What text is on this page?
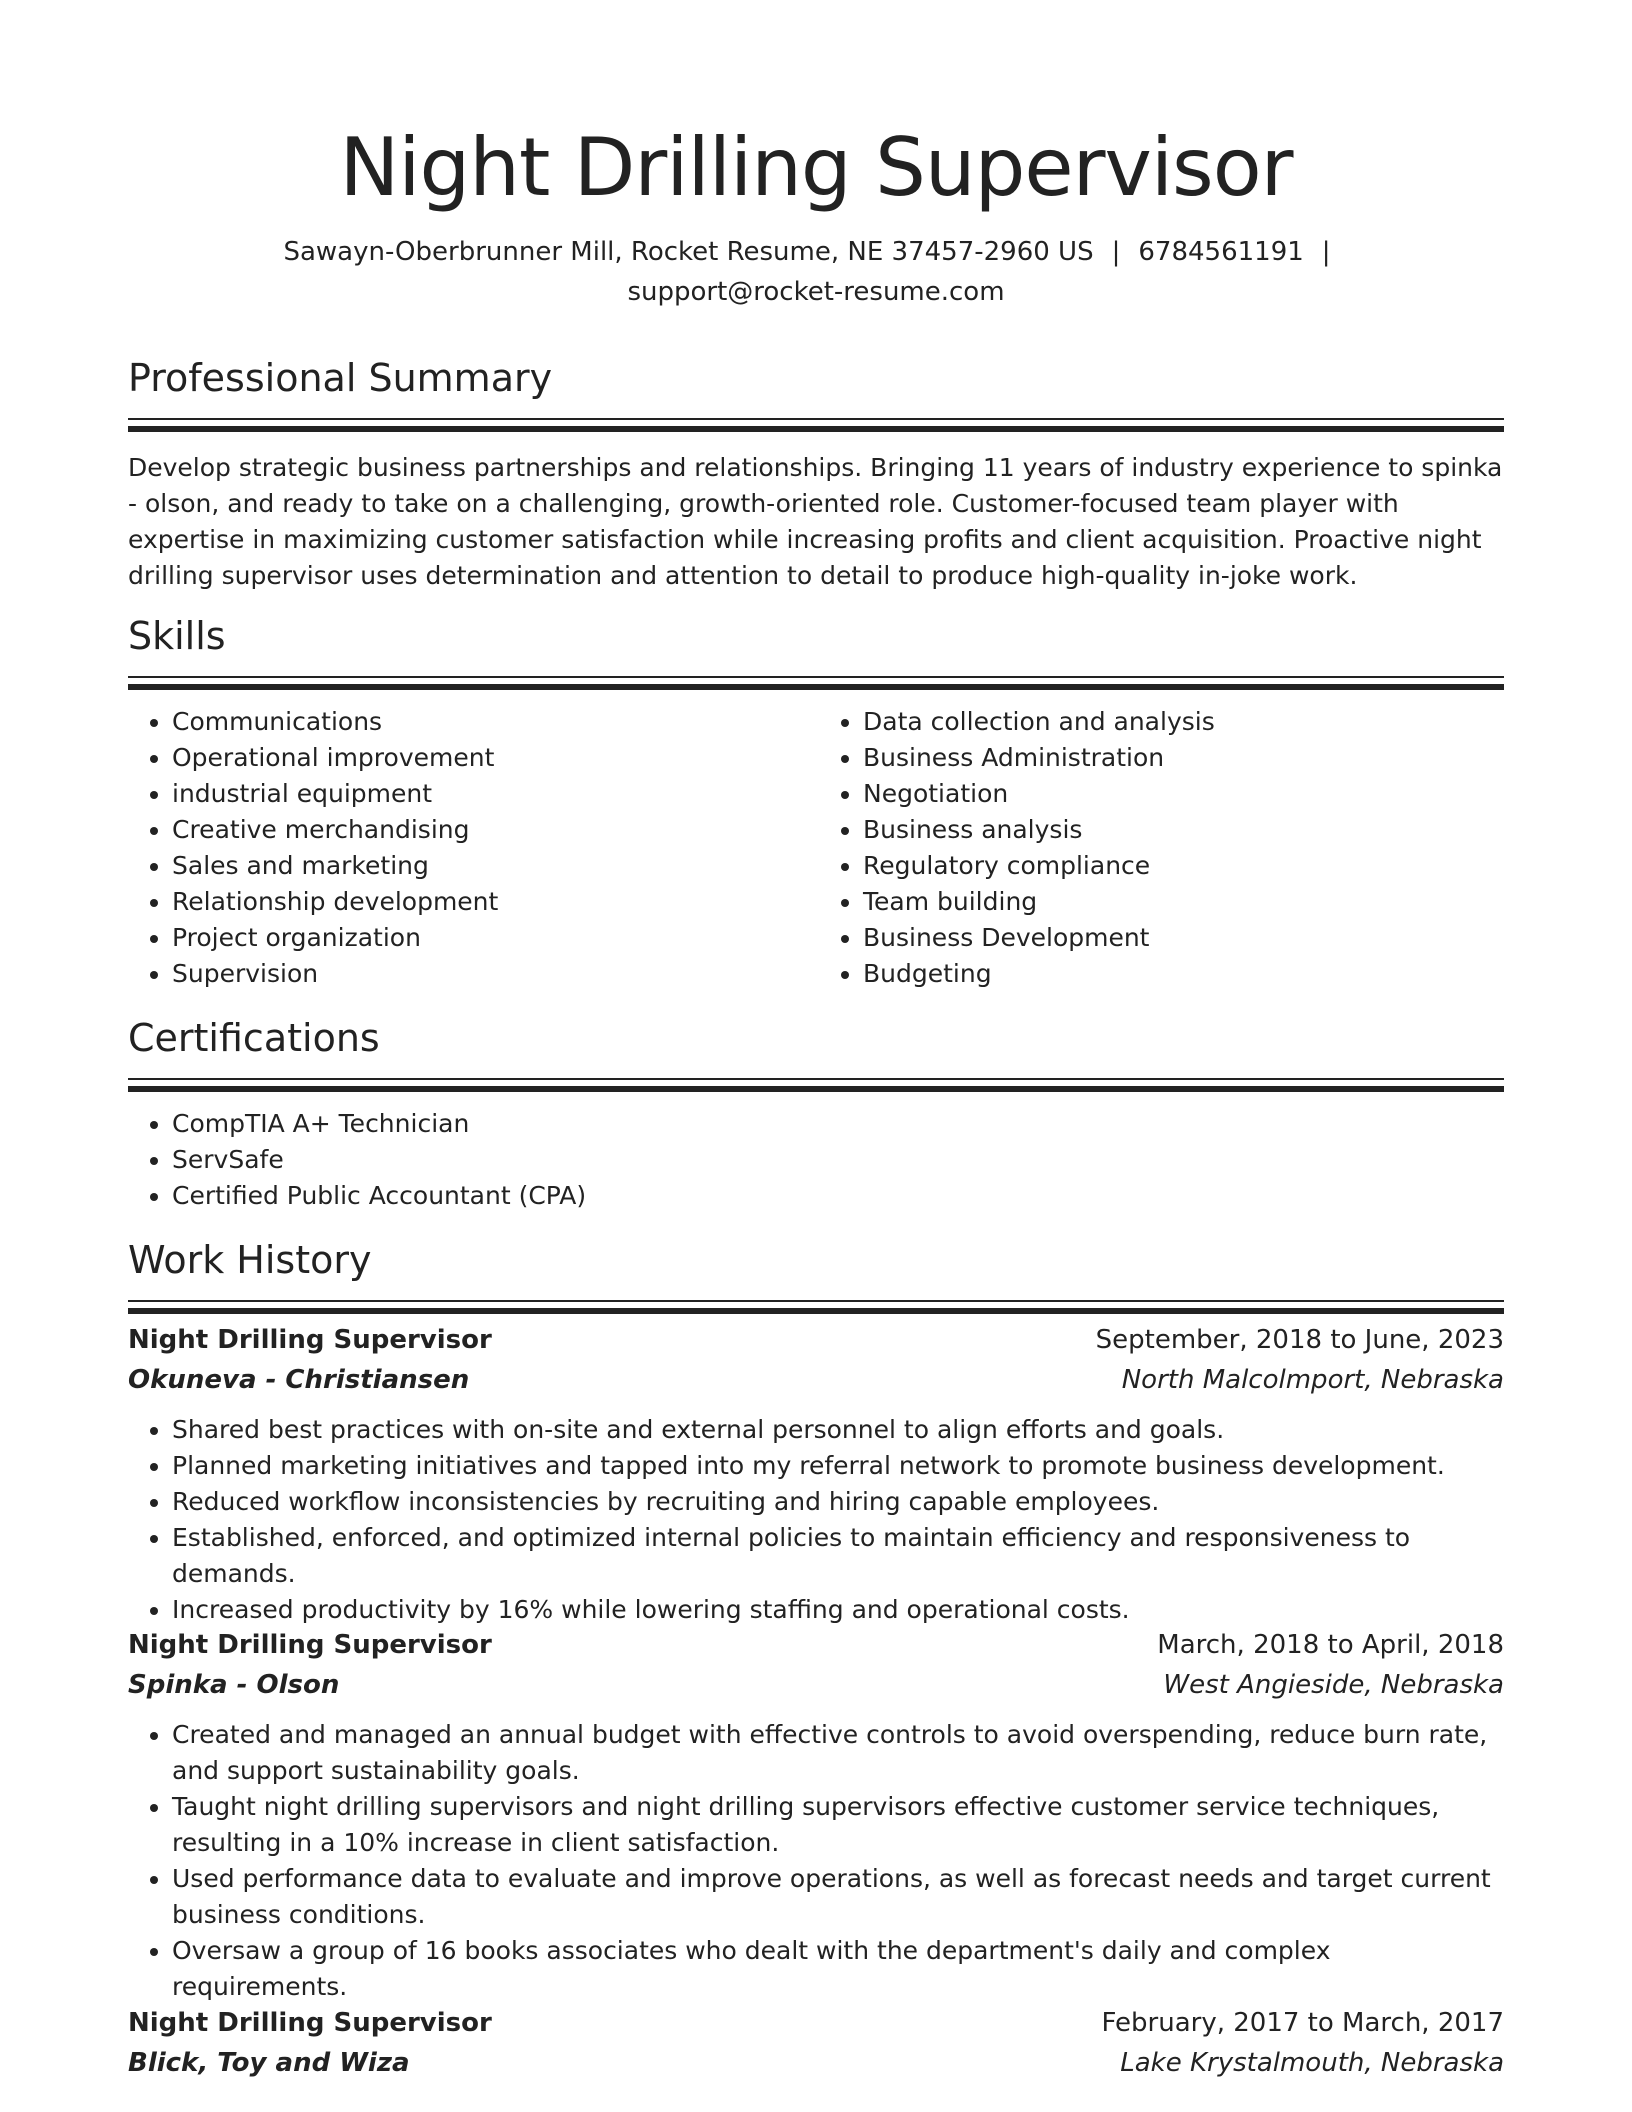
Night Drilling Supervisor
Sawayn-Oberbrunner Mill, Rocket Resume, NE 37457-2960 US | 6784561191 |
support@rocket-resume.com
Professional Summary
Develop strategic business partnerships and relationships. Bringing 11 years of industry experience to spinka - olson, and ready to take on a challenging, growth-oriented role. Customer-focused team player with expertise in maximizing customer satisfaction while increasing profits and client acquisition. Proactive night drilling supervisor uses determination and attention to detail to produce high-quality in-joke work.
Skills
• Communications
• Operational improvement
• industrial equipment
• Creative merchandising
• Sales and marketing
• Relationship development
• Project organization
• Supervision
• Data collection and analysis
• Business Administration
• Negotiation
• Business analysis
• Regulatory compliance
• Team building
• Business Development
• Budgeting
Certifications
• CompTIA A+ Technician
• ServSafe
• Certified Public Accountant (CPA)
Work History
Night Drilling Supervisor	September, 2018 to June, 2023
Okuneva - Christiansen	North Malcolmport, Nebraska
• Shared best practices with on-site and external personnel to align efforts and goals.
• Planned marketing initiatives and tapped into my referral network to promote business development.
• Reduced workflow inconsistencies by recruiting and hiring capable employees.
• Established, enforced, and optimized internal policies to maintain efficiency and responsiveness to demands.
• Increased productivity by 16% while lowering staffing and operational costs.
Night Drilling Supervisor	March, 2018 to April, 2018
Spinka - Olson	West Angieside, Nebraska
• Created and managed an annual budget with effective controls to avoid overspending, reduce burn rate, and support sustainability goals.
• Taught night drilling supervisors and night drilling supervisors effective customer service techniques, resulting in a 10% increase in client satisfaction.
• Used performance data to evaluate and improve operations, as well as forecast needs and target current business conditions.
• Oversaw a group of 16 books associates who dealt with the department's daily and complex requirements.
Night Drilling Supervisor	February, 2017 to March, 2017
Blick, Toy and Wiza	Lake Krystalmouth, Nebraska
